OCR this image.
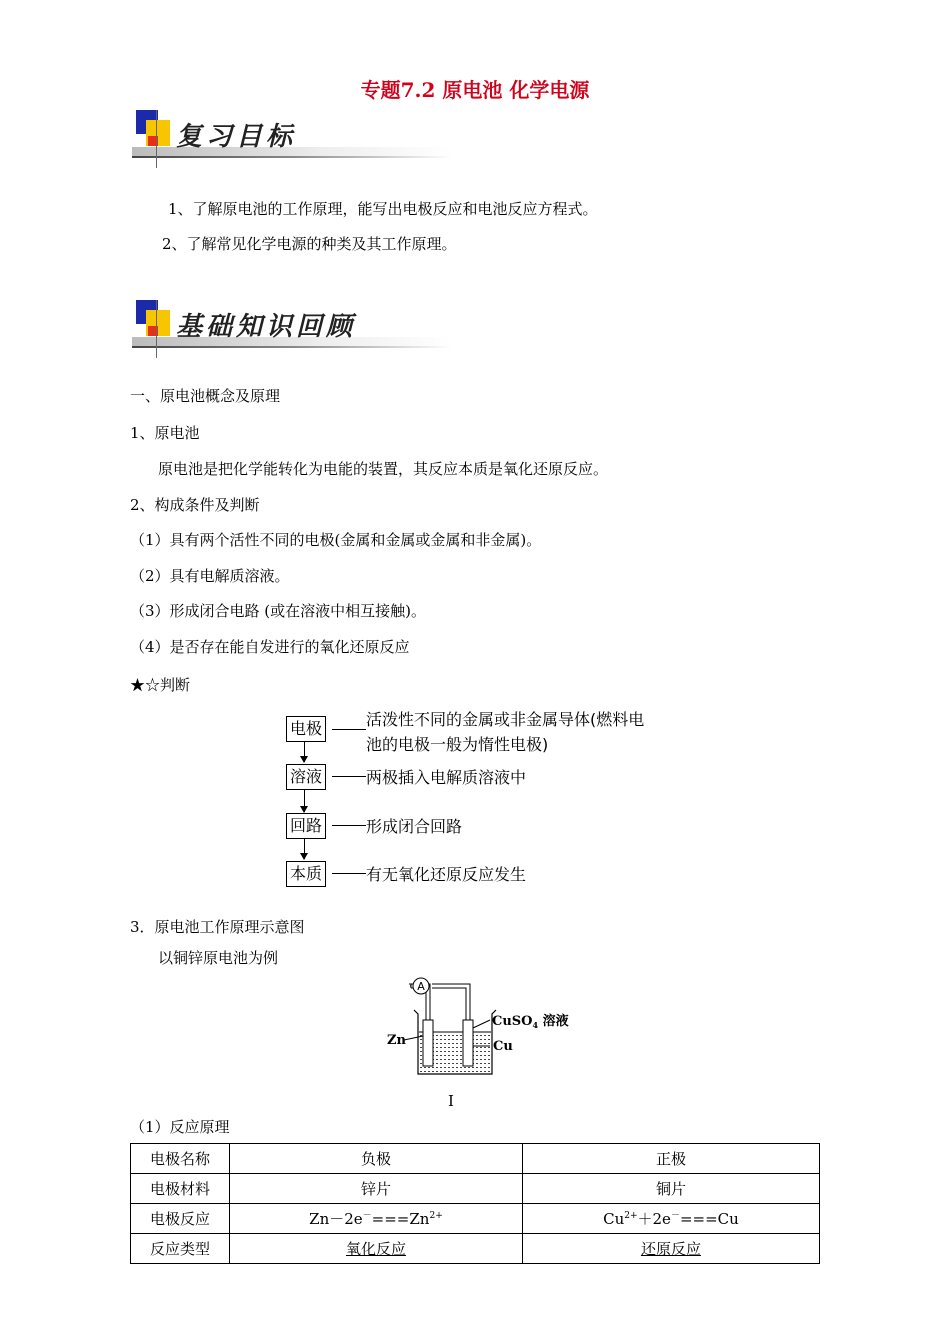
专题7.2 原电池 化学电源
复习目标
1、了解原电池的工作原理，能写出电极反应和电池反应方程式。
2、了解常见化学电源的种类及其工作原理。
基础知识回顾
一、原电池概念及原理
1、原电池
原电池是把化学能转化为电能的装置，其反应本质是氧化还原反应。
2、构成条件及判断
（1）具有两个活性不同的电极(金属和金属或金属和非金属)。
（2）具有电解质溶液。
（3）形成闭合电路 (或在溶液中相互接触)。
（4）是否存在能自发进行的氧化还原反应
★☆判断
电极	活泼性不同的金属或非金属导体(燃料电
池的电极一般为惰性电极)
溶液	两极插入电解质溶液中
回路	形成闭合回路
本质	有无氧化还原反应发生
3．原电池工作原理示意图
以铜锌原电池为例
A
Zn
CuSO$_4$ 溶液
Cu
I
（1）反应原理
电极名称	负极	正极
电极材料	锌片	铜片
电极反应	$Zn-2e^-===Zn^{2+}$	$Cu^{2+}+2e^-===Cu$
反应类型	氧化反应	还原反应
